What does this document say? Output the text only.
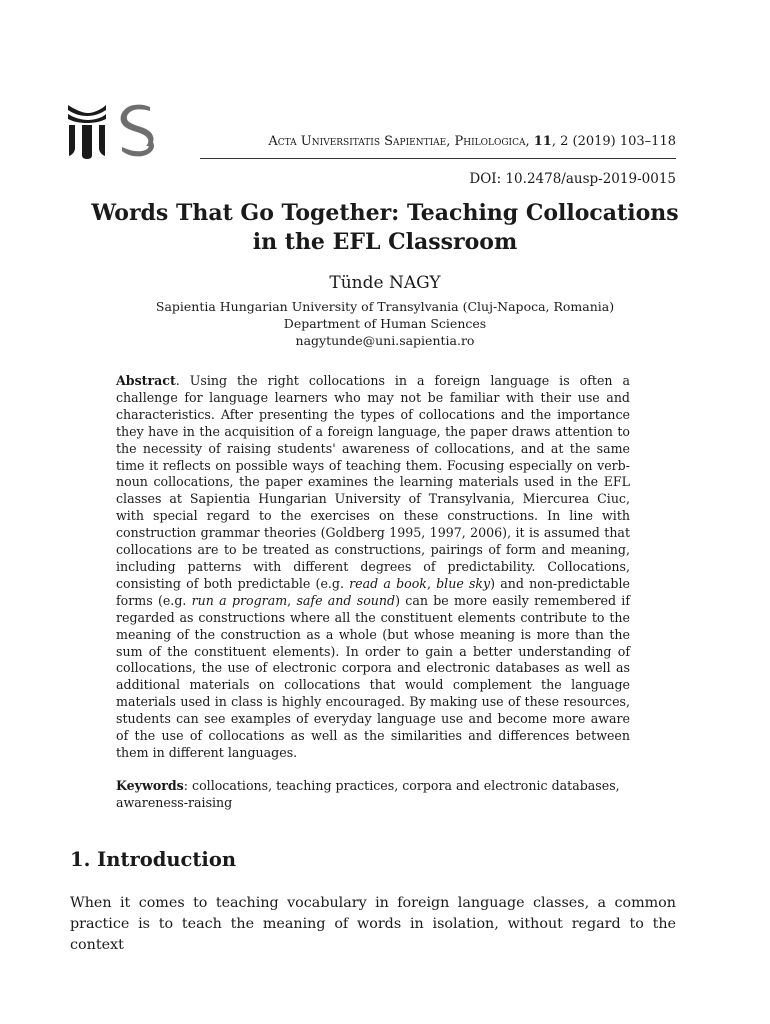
Acta Universitatis Sapientiae, Philologica, 11, 2 (2019) 103–118
DOI: 10.2478/ausp-2019-0015
Words That Go Together: Teaching Collocations
in the EFL Classroom
Tünde NAGY
Sapientia Hungarian University of Transylvania (Cluj-Napoca, Romania)
Department of Human Sciences
nagytunde@uni.sapientia.ro

Abstract. Using the right collocations in a foreign language is often a challenge for language learners who may not be familiar with their use and characteristics. After presenting the types of collocations and the importance they have in the acquisition of a foreign language, the paper draws attention to the necessity of raising students' awareness of collocations, and at the same time it reflects on possible ways of teaching them. Focusing especially on verb-noun collocations, the paper examines the learning materials used in the EFL classes at Sapientia Hungarian University of Transylvania, Miercurea Ciuc, with special regard to the exercises on these constructions. In line with construction grammar theories (Goldberg 1995, 1997, 2006), it is assumed that collocations are to be treated as constructions, pairings of form and meaning, including patterns with different degrees of predictability. Collocations, consisting of both predictable (e.g. read a book, blue sky) and non-predictable forms (e.g. run a program, safe and sound) can be more easily remembered if regarded as constructions where all the constituent elements contribute to the meaning of the construction as a whole (but whose meaning is more than the sum of the constituent elements). In order to gain a better understanding of collocations, the use of electronic corpora and electronic databases as well as additional materials on collocations that would complement the language materials used in class is highly encouraged. By making use of these resources, students can see examples of everyday language use and become more aware of the use of collocations as well as the similarities and differences between them in different languages.

Keywords: collocations, teaching practices, corpora and electronic databases, awareness-raising

1. Introduction

When it comes to teaching vocabulary in foreign language classes, a common practice is to teach the meaning of words in isolation, without regard to the context
